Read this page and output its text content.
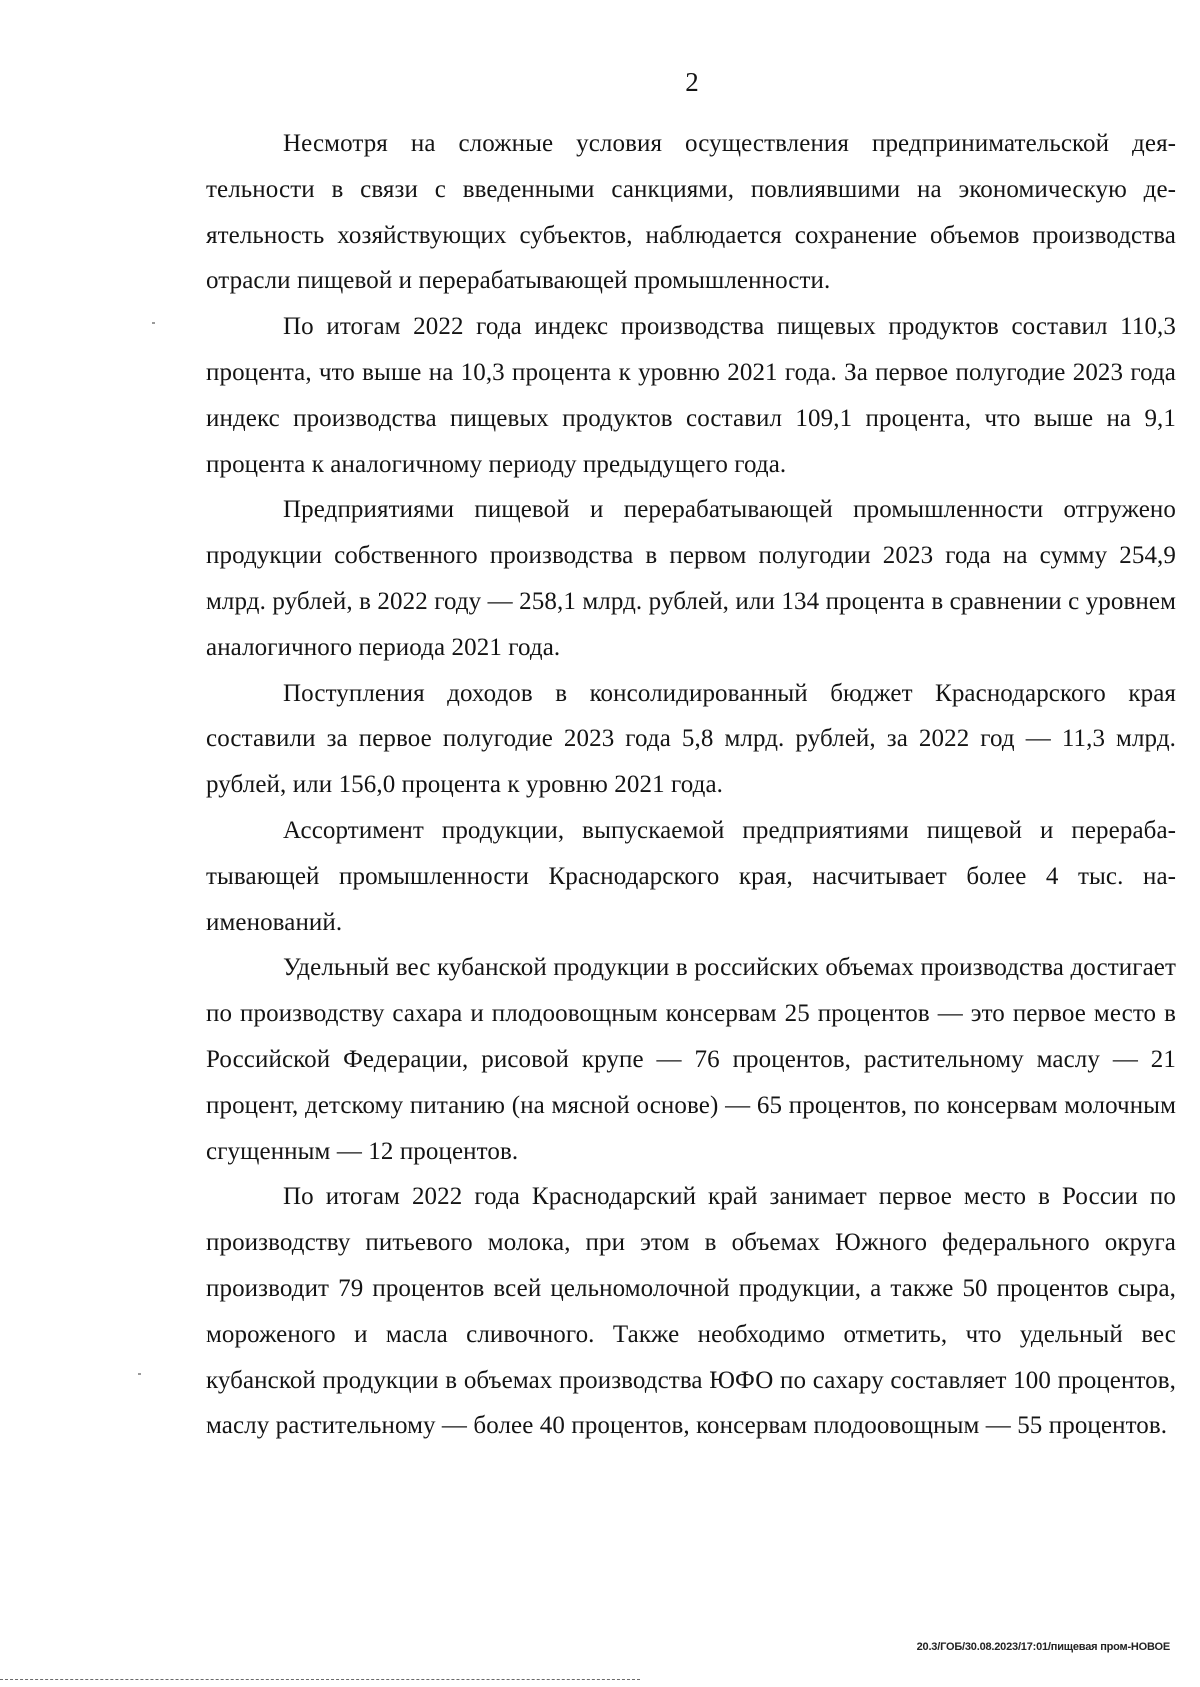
2

Несмотря на сложные условия осуществления предпринимательской деятельности в связи с введенными санкциями, повлиявшими на экономическую деятельность хозяйствующих субъектов, наблюдается сохранение объемов производства отрасли пищевой и перерабатывающей промышленности.

По итогам 2022 года индекс производства пищевых продуктов составил 110,3 процента, что выше на 10,3 процента к уровню 2021 года. За первое полугодие 2023 года индекс производства пищевых продуктов составил 109,1 процента, что выше на 9,1 процента к аналогичному периоду предыдущего года.

Предприятиями пищевой и перерабатывающей промышленности отгружено продукции собственного производства в первом полугодии 2023 года на сумму 254,9 млрд. рублей, в 2022 году — 258,1 млрд. рублей, или 134 процента в сравнении с уровнем аналогичного периода 2021 года.

Поступления доходов в консолидированный бюджет Краснодарского края составили за первое полугодие 2023 года 5,8 млрд. рублей, за 2022 год — 11,3 млрд. рублей, или 156,0 процента к уровню 2021 года.

Ассортимент продукции, выпускаемой предприятиями пищевой и перерабатывающей промышленности Краснодарского края, насчитывает более 4 тыс. наименований.

Удельный вес кубанской продукции в российских объемах производства достигает по производству сахара и плодоовощным консервам 25 процентов — это первое место в Российской Федерации, рисовой крупе — 76 процентов, растительному маслу — 21 процент, детскому питанию (на мясной основе) — 65 процентов, по консервам молочным сгущенным — 12 процентов.

По итогам 2022 года Краснодарский край занимает первое место в России по производству питьевого молока, при этом в объемах Южного федерального округа производит 79 процентов всей цельномолочной продукции, а также 50 процентов сыра, мороженого и масла сливочного. Также необходимо отметить, что удельный вес кубанской продукции в объемах производства ЮФО по сахару составляет 100 процентов, маслу растительному — более 40 процентов, консервам плодоовощным — 55 процентов.

20.3/ГОБ/30.08.2023/17:01/пищевая пром-НОВОЕ
